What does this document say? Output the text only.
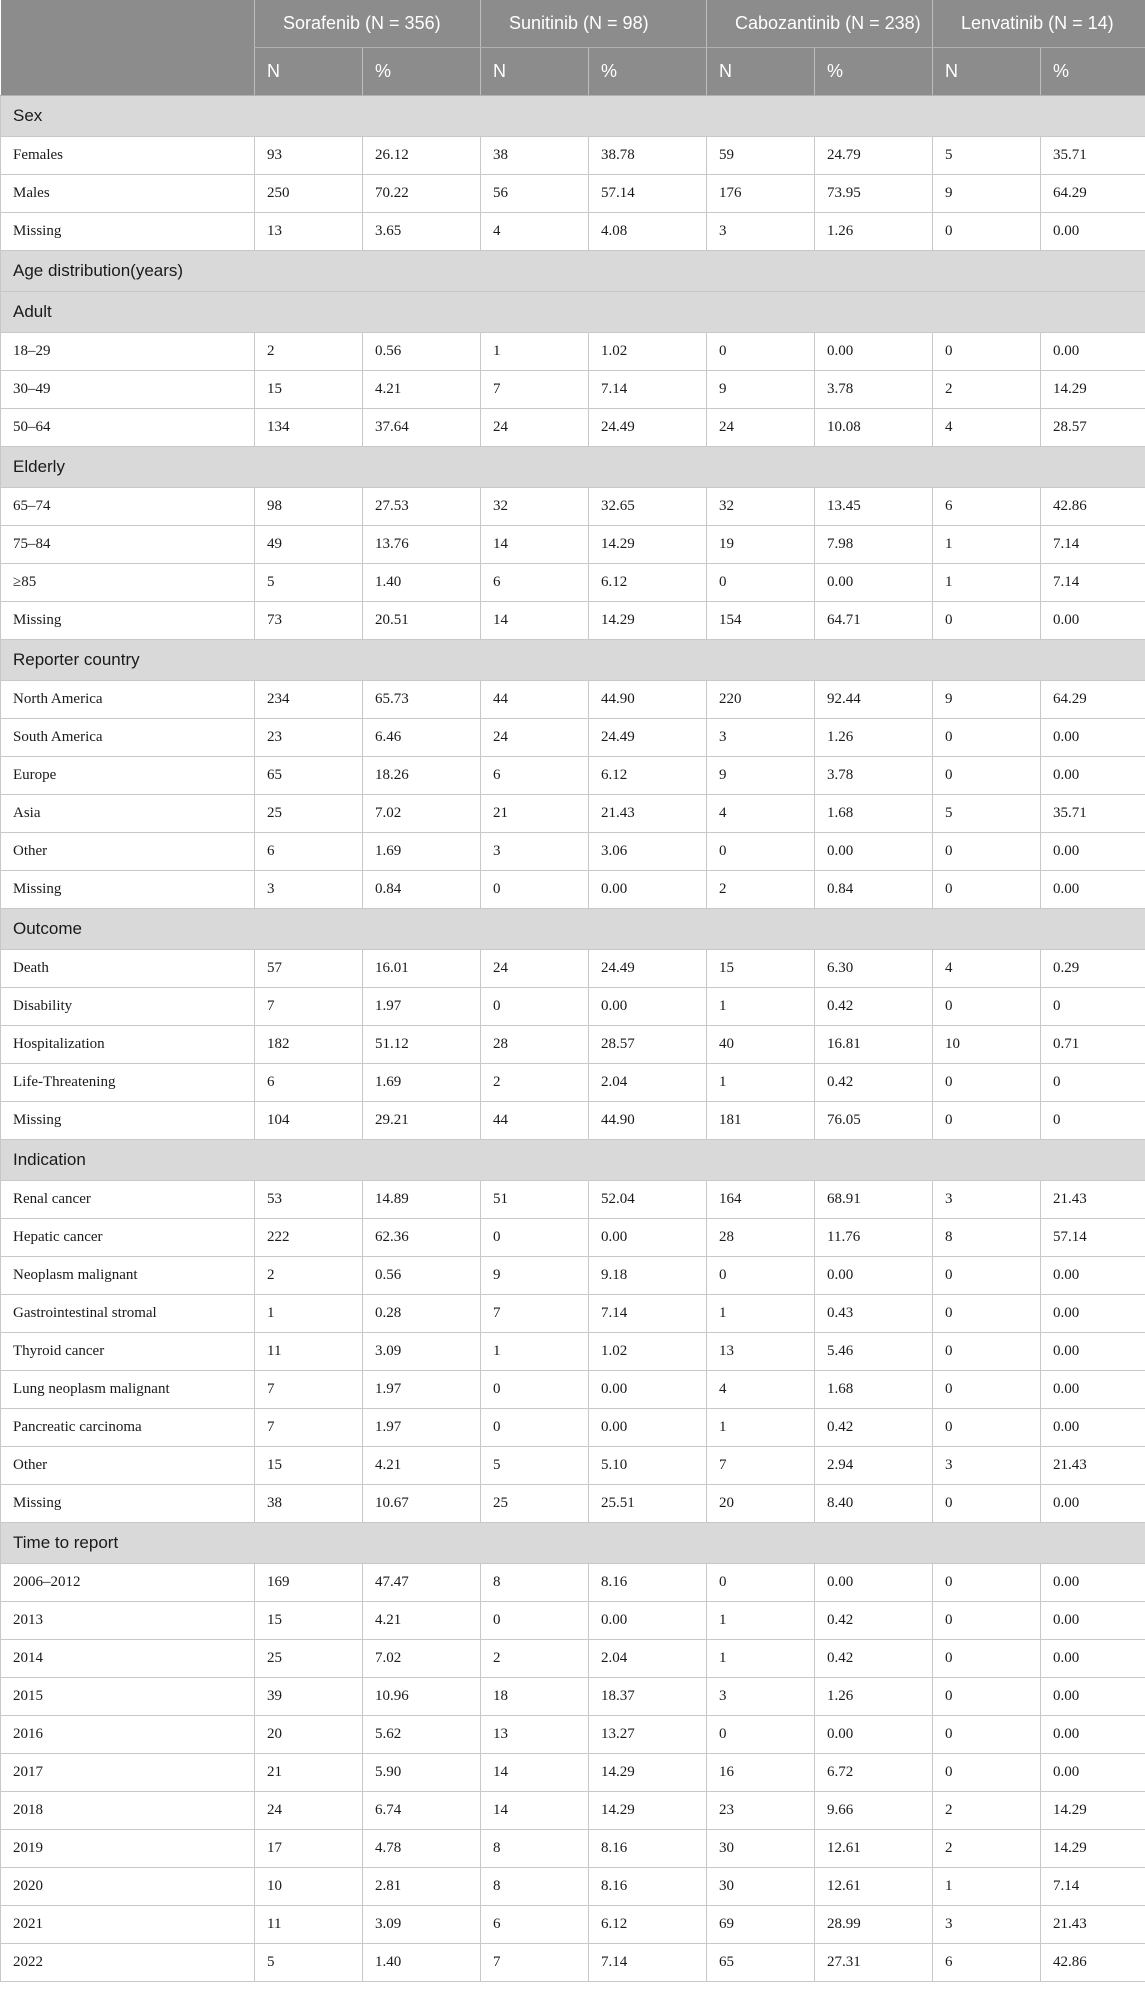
	Sorafenib (N = 356)		Sunitinib (N = 98)		Cabozantinib (N = 238)		Lenvatinib (N = 14)	
	N	%	N	%	N	%	N	%
Sex								
Females	93	26.12	38	38.78	59	24.79	5	35.71
Males	250	70.22	56	57.14	176	73.95	9	64.29
Missing	13	3.65	4	4.08	3	1.26	0	0.00
Age distribution(years)								
Adult								
18–29	2	0.56	1	1.02	0	0.00	0	0.00
30–49	15	4.21	7	7.14	9	3.78	2	14.29
50–64	134	37.64	24	24.49	24	10.08	4	28.57
Elderly								
65–74	98	27.53	32	32.65	32	13.45	6	42.86
75–84	49	13.76	14	14.29	19	7.98	1	7.14
≥85	5	1.40	6	6.12	0	0.00	1	7.14
Missing	73	20.51	14	14.29	154	64.71	0	0.00
Reporter country								
North America	234	65.73	44	44.90	220	92.44	9	64.29
South America	23	6.46	24	24.49	3	1.26	0	0.00
Europe	65	18.26	6	6.12	9	3.78	0	0.00
Asia	25	7.02	21	21.43	4	1.68	5	35.71
Other	6	1.69	3	3.06	0	0.00	0	0.00
Missing	3	0.84	0	0.00	2	0.84	0	0.00
Outcome								
Death	57	16.01	24	24.49	15	6.30	4	0.29
Disability	7	1.97	0	0.00	1	0.42	0	0
Hospitalization	182	51.12	28	28.57	40	16.81	10	0.71
Life-Threatening	6	1.69	2	2.04	1	0.42	0	0
Missing	104	29.21	44	44.90	181	76.05	0	0
Indication								
Renal cancer	53	14.89	51	52.04	164	68.91	3	21.43
Hepatic cancer	222	62.36	0	0.00	28	11.76	8	57.14
Neoplasm malignant	2	0.56	9	9.18	0	0.00	0	0.00
Gastrointestinal stromal	1	0.28	7	7.14	1	0.43	0	0.00
Thyroid cancer	11	3.09	1	1.02	13	5.46	0	0.00
Lung neoplasm malignant	7	1.97	0	0.00	4	1.68	0	0.00
Pancreatic carcinoma	7	1.97	0	0.00	1	0.42	0	0.00
Other	15	4.21	5	5.10	7	2.94	3	21.43
Missing	38	10.67	25	25.51	20	8.40	0	0.00
Time to report								
2006–2012	169	47.47	8	8.16	0	0.00	0	0.00
2013	15	4.21	0	0.00	1	0.42	0	0.00
2014	25	7.02	2	2.04	1	0.42	0	0.00
2015	39	10.96	18	18.37	3	1.26	0	0.00
2016	20	5.62	13	13.27	0	0.00	0	0.00
2017	21	5.90	14	14.29	16	6.72	0	0.00
2018	24	6.74	14	14.29	23	9.66	2	14.29
2019	17	4.78	8	8.16	30	12.61	2	14.29
2020	10	2.81	8	8.16	30	12.61	1	7.14
2021	11	3.09	6	6.12	69	28.99	3	21.43
2022	5	1.40	7	7.14	65	27.31	6	42.86
